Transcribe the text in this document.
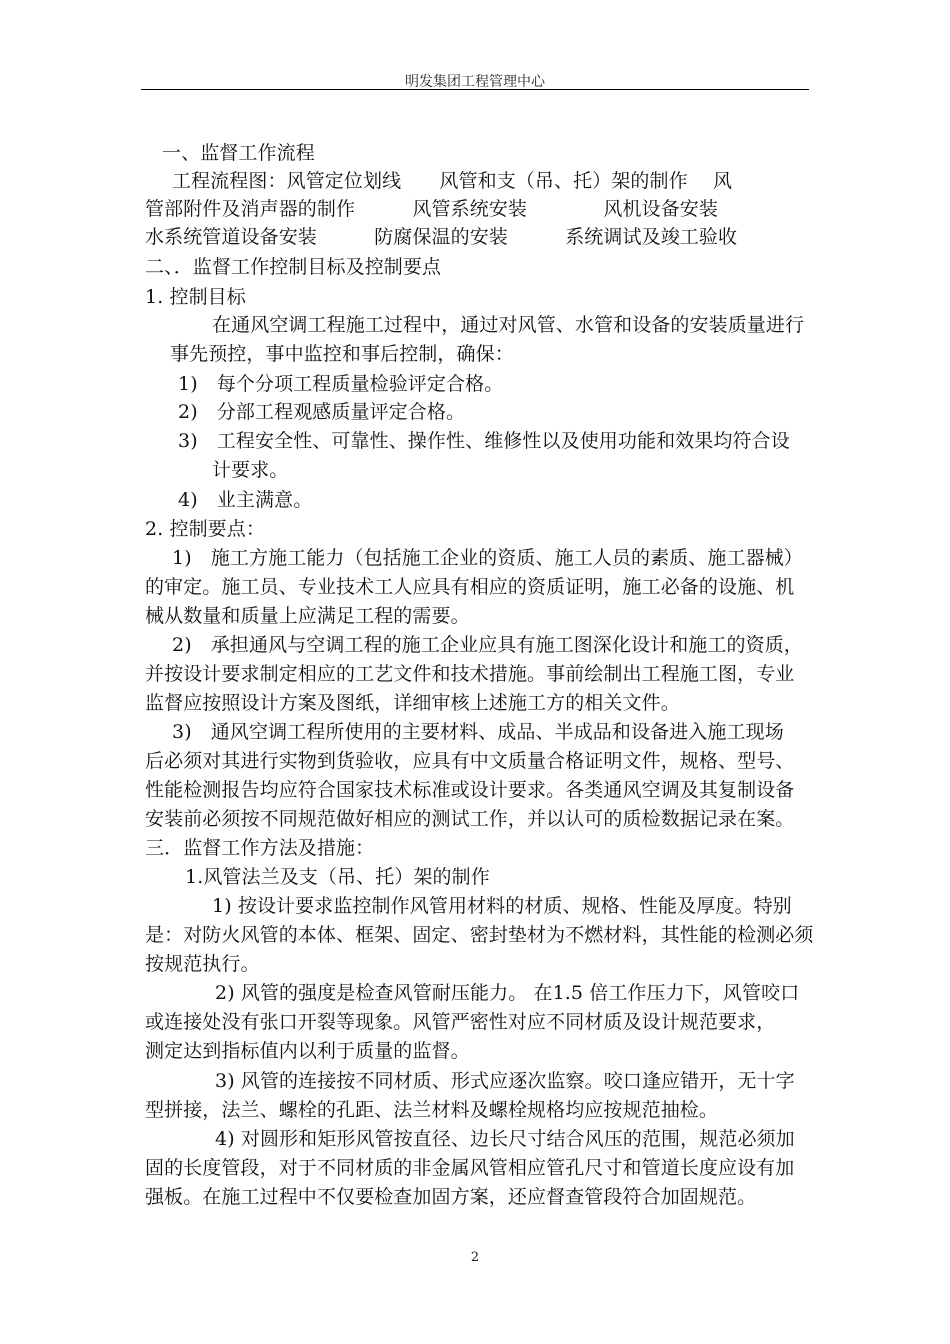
明发集团工程管理中心
一、监督工作流程
工程流程图：风管定位划线　　风管和支（吊、托）架的制作　 风
管部附件及消声器的制作　　　风管系统安装　　　　风机设备安装
水系统管道设备安装　　　防腐保温的安装　　　系统调试及竣工验收
二、．监督工作控制目标及控制要点
1. 控制目标
在通风空调工程施工过程中，通过对风管、水管和设备的安装质量进行
事先预控，事中监控和事后控制，确保：
1)　每个分项工程质量检验评定合格。
2)　分部工程观感质量评定合格。
3)　工程安全性、可靠性、操作性、维修性以及使用功能和效果均符合设
计要求。
4)　业主满意。
2. 控制要点：
1)　施工方施工能力（包括施工企业的资质、施工人员的素质、施工器械）
的审定。施工员、专业技术工人应具有相应的资质证明，施工必备的设施、机
械从数量和质量上应满足工程的需要。
2)　承担通风与空调工程的施工企业应具有施工图深化设计和施工的资质，
并按设计要求制定相应的工艺文件和技术措施。事前绘制出工程施工图，专业
监督应按照设计方案及图纸，详细审核上述施工方的相关文件。
3)　通风空调工程所使用的主要材料、成品、半成品和设备进入施工现场
后必须对其进行实物到货验收，应具有中文质量合格证明文件，规格、型号、
性能检测报告均应符合国家技术标准或设计要求。各类通风空调及其复制设备
安装前必须按不同规范做好相应的测试工作，并以认可的质检数据记录在案。
三．监督工作方法及措施：
1.风管法兰及支（吊、托）架的制作
1) 按设计要求监控制作风管用材料的材质、规格、性能及厚度。特别
是：对防火风管的本体、框架、固定、密封垫材为不燃材料，其性能的检测必须
按规范执行。
2) 风管的强度是检查风管耐压能力。 在1.5 倍工作压力下，风管咬口
或连接处没有张口开裂等现象。风管严密性对应不同材质及设计规范要求，
测定达到指标值内以利于质量的监督。
3) 风管的连接按不同材质、形式应逐次监察。咬口逢应错开，无十字
型拼接，法兰、螺栓的孔距、法兰材料及螺栓规格均应按规范抽检。
4) 对圆形和矩形风管按直径、边长尺寸结合风压的范围，规范必须加
固的长度管段，对于不同材质的非金属风管相应管孔尺寸和管道长度应设有加
强板。在施工过程中不仅要检查加固方案，还应督查管段符合加固规范。
2
